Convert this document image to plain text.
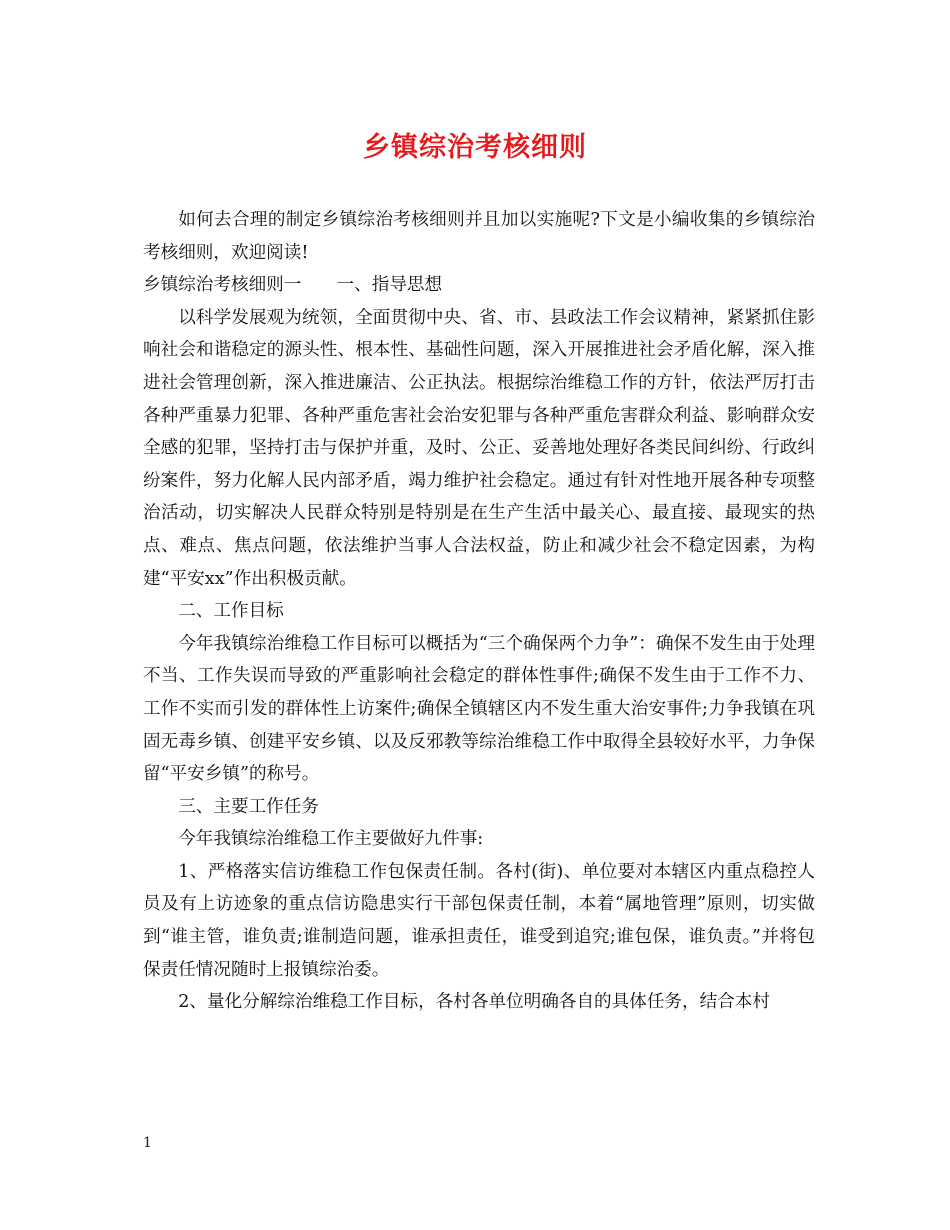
乡镇综治考核细则

如何去合理的制定乡镇综治考核细则并且加以实施呢?下文是小编收集的乡镇综治考核细则，欢迎阅读!

乡镇综治考核细则一　　一、指导思想

以科学发展观为统领，全面贯彻中央、省、市、县政法工作会议精神，紧紧抓住影响社会和谐稳定的源头性、根本性、基础性问题，深入开展推进社会矛盾化解，深入推进社会管理创新，深入推进廉洁、公正执法。根据综治维稳工作的方针，依法严厉打击各种严重暴力犯罪、各种严重危害社会治安犯罪与各种严重危害群众利益、影响群众安全感的犯罪，坚持打击与保护并重，及时、公正、妥善地处理好各类民间纠纷、行政纠纷案件，努力化解人民内部矛盾，竭力维护社会稳定。通过有针对性地开展各种专项整治活动，切实解决人民群众特别是特别是在生产生活中最关心、最直接、最现实的热点、难点、焦点问题，依法维护当事人合法权益，防止和减少社会不稳定因素，为构建“平安xx”作出积极贡献。

二、工作目标

今年我镇综治维稳工作目标可以概括为“三个确保两个力争”：确保不发生由于处理不当、工作失误而导致的严重影响社会稳定的群体性事件;确保不发生由于工作不力、工作不实而引发的群体性上访案件;确保全镇辖区内不发生重大治安事件;力争我镇在巩固无毒乡镇、创建平安乡镇、以及反邪教等综治维稳工作中取得全县较好水平，力争保留“平安乡镇”的称号。

三、主要工作任务

今年我镇综治维稳工作主要做好九件事:

1、严格落实信访维稳工作包保责任制。各村(街)、单位要对本辖区内重点稳控人员及有上访迹象的重点信访隐患实行干部包保责任制，本着“属地管理”原则，切实做到“谁主管，谁负责;谁制造问题，谁承担责任，谁受到追究;谁包保，谁负责。”并将包保责任情况随时上报镇综治委。

2、量化分解综治维稳工作目标，各村各单位明确各自的具体任务，结合本村

1
